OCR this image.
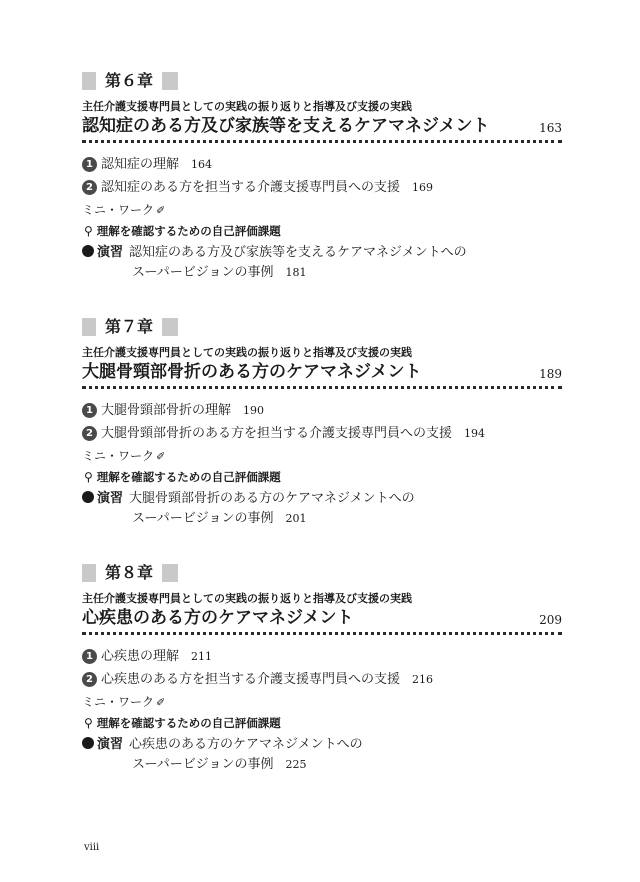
第６章
主任介護支援専門員としての実践の振り返りと指導及び支援の実践
認知症のある方及び家族等を支えるケアマネジメント	163
1 認知症の理解 164
2 認知症のある方を担当する介護支援専門員への支援 169
ミニ・ワーク ✐
⚲ 理解を確認するための自己評価課題
演習 認知症のある方及び家族等を支えるケアマネジメントへの
スーパービジョンの事例 181
第７章
主任介護支援専門員としての実践の振り返りと指導及び支援の実践
大腿骨頸部骨折のある方のケアマネジメント	189
1 大腿骨頸部骨折の理解 190
2 大腿骨頸部骨折のある方を担当する介護支援専門員への支援 194
ミニ・ワーク ✐
⚲ 理解を確認するための自己評価課題
演習 大腿骨頸部骨折のある方のケアマネジメントへの
スーパービジョンの事例 201
第８章
主任介護支援専門員としての実践の振り返りと指導及び支援の実践
心疾患のある方のケアマネジメント	209
1 心疾患の理解 211
2 心疾患のある方を担当する介護支援専門員への支援 216
ミニ・ワーク ✐
⚲ 理解を確認するための自己評価課題
演習 心疾患のある方のケアマネジメントへの
スーパービジョンの事例 225
viii
